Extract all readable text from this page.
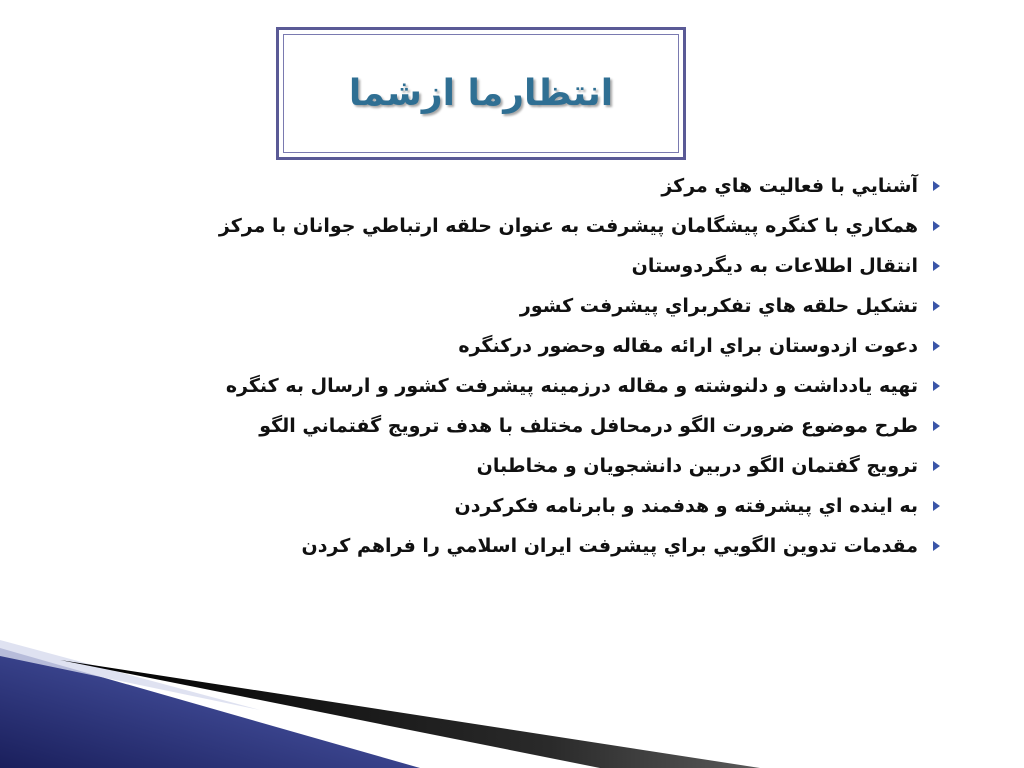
انتظارما ازشما
آشنايي با فعاليت هاي مركز
همكاري با كنگره پيشگامان پيشرفت به عنوان حلقه ارتباطي جوانان با مركز
انتقال اطلاعات به ديگردوستان
تشكيل حلقه هاي تفكربراي پيشرفت كشور
دعوت ازدوستان براي ارائه مقاله وحضور دركنگره
تهيه يادداشت و دلنوشته و مقاله درزمينه پيشرفت كشور و ارسال به كنگره
طرح موضوع ضرورت الگو درمحافل مختلف با هدف ترويج گفتماني الگو
ترويج گفتمان الگو دربين دانشجويان و مخاطبان
به اينده اي پيشرفته و هدفمند و بابرنامه فكركردن
مقدمات تدوين الگويي براي پيشرفت ايران اسلامي را فراهم كردن
